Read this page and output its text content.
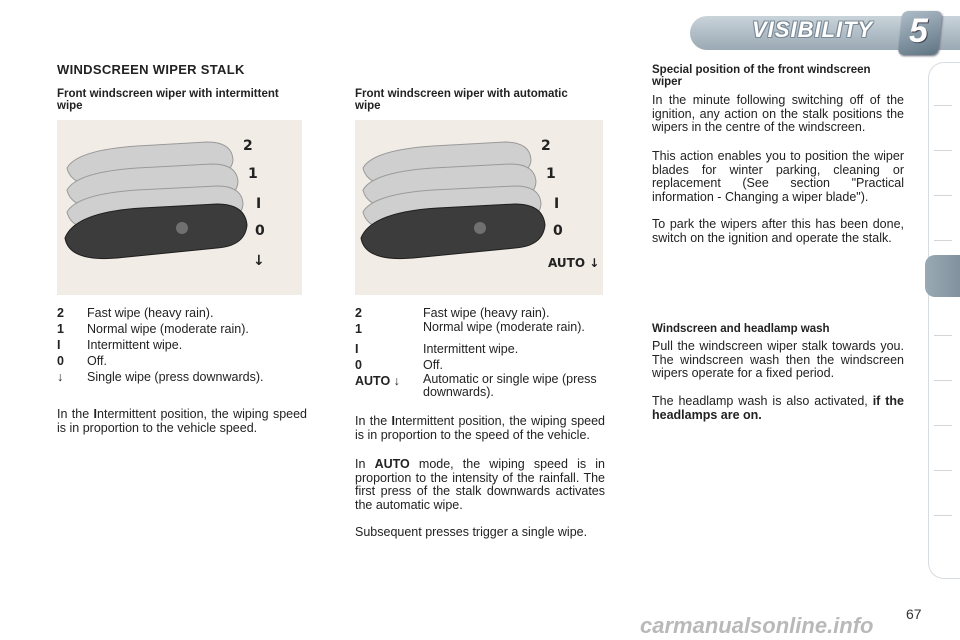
VISIBILITY 5
WINDSCREEN WIPER STALK
Front windscreen wiper with intermittent wipe
2
1
I
0
↓
2	Fast wipe (heavy rain).
1	Normal wipe (moderate rain).
I	Intermittent wipe.
0	Off.
↓	Single wipe (press downwards).
In the Intermittent position, the wiping speed is in proportion to the vehicle speed.
Front windscreen wiper with automatic wipe
2
1
I
0
AUTO ↓
2	Fast wipe (heavy rain).
1	Normal wipe (moderate rain).
I	Intermittent wipe.
0	Off.
AUTO ↓	Automatic or single wipe (press downwards).
In the Intermittent position, the wiping speed is in proportion to the speed of the vehicle.
In AUTO mode, the wiping speed is in proportion to the intensity of the rainfall. The first press of the stalk downwards activates the automatic wipe.
Subsequent presses trigger a single wipe.
Special position of the front windscreen wiper
In the minute following switching off of the ignition, any action on the stalk positions the wipers in the centre of the windscreen.
This action enables you to position the wiper blades for winter parking, cleaning or replacement (See section "Practical information - Changing a wiper blade").
To park the wipers after this has been done, switch on the ignition and operate the stalk.
Windscreen and headlamp wash
Pull the windscreen wiper stalk towards you. The windscreen wash then the windscreen wipers operate for a fixed period.
The headlamp wash is also activated, if the headlamps are on.
carmanualsonline.info 67
